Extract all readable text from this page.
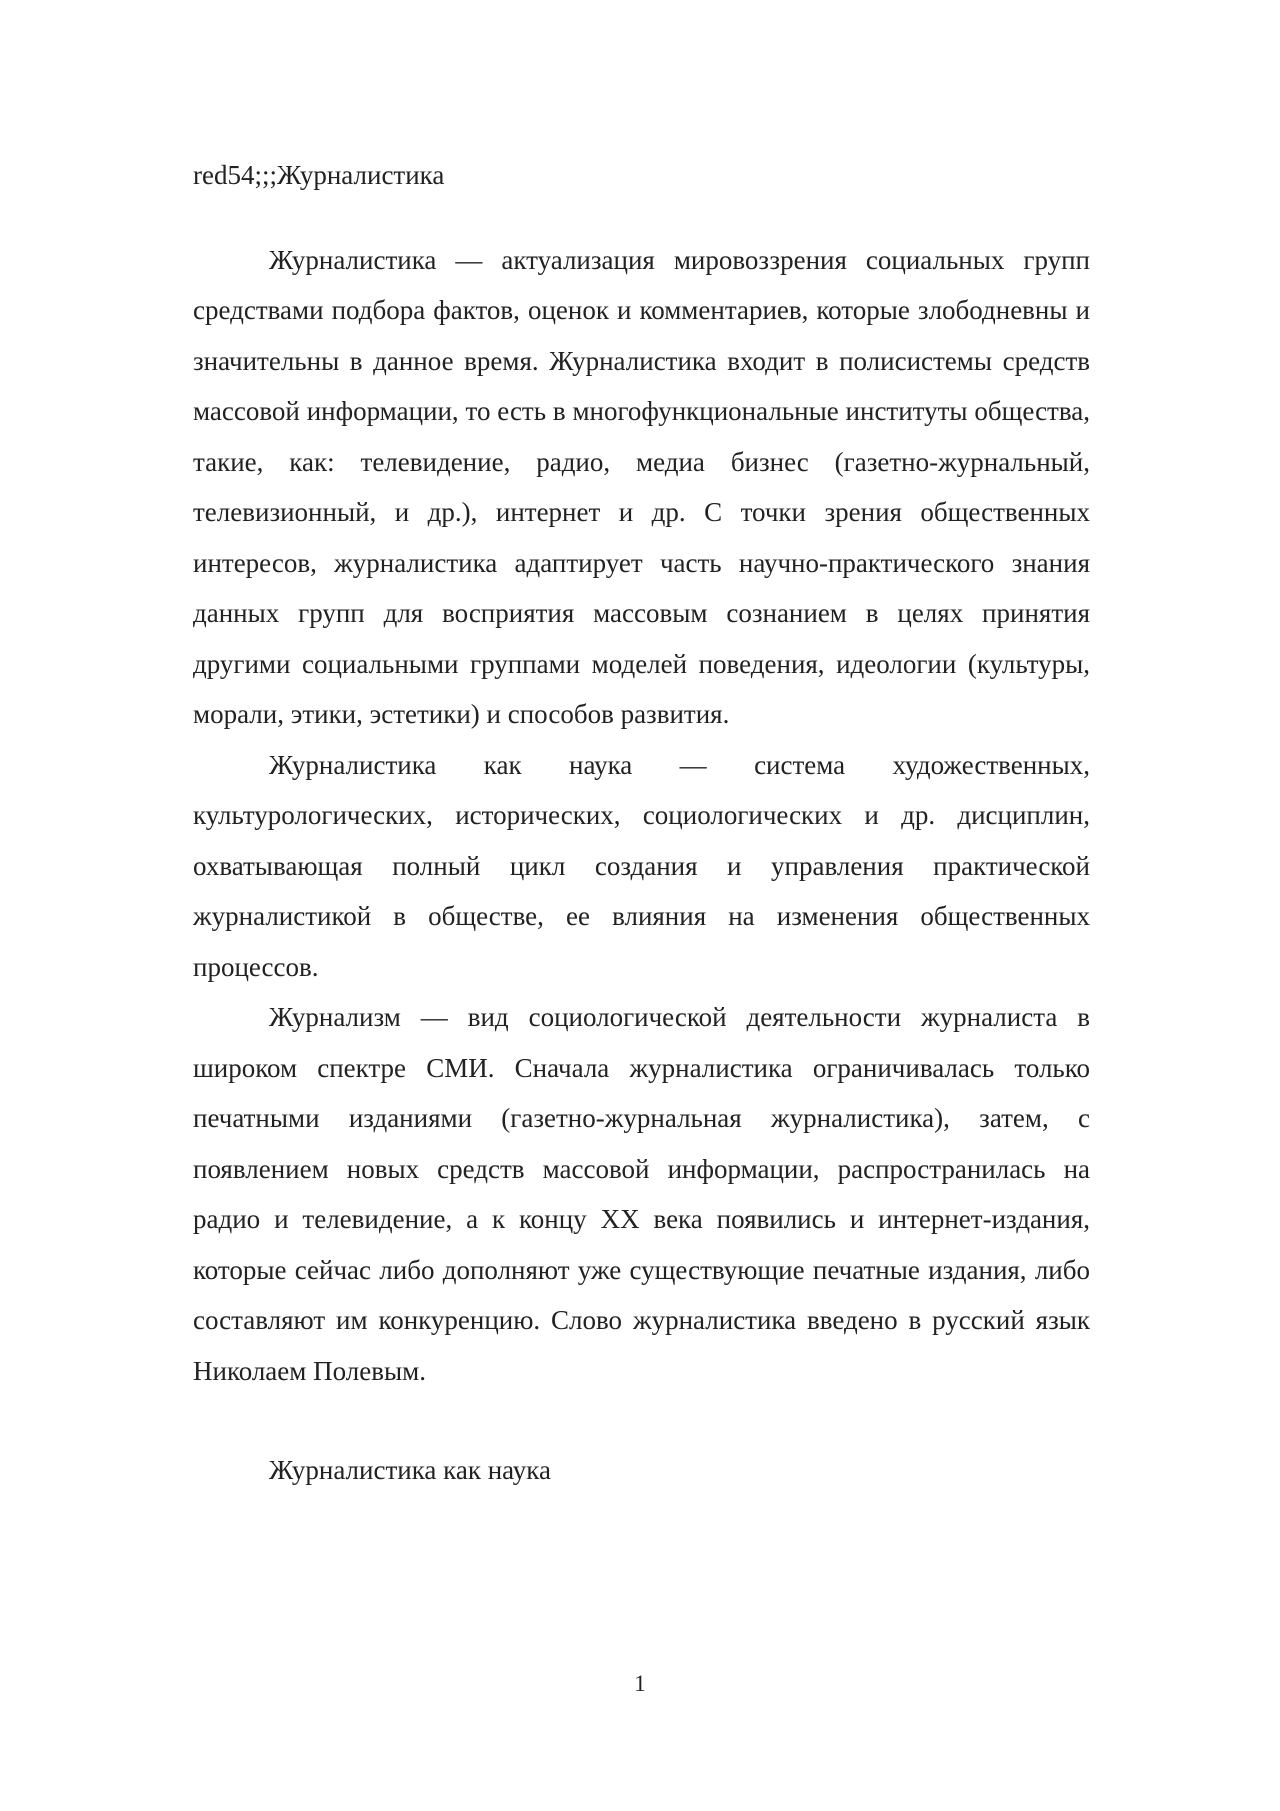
red54;;;Журналистика

Журналистика — актуализация мировоззрения социальных групп средствами подбора фактов, оценок и комментариев, которые злободневны и значительны в данное время. Журналистика входит в полисистемы средств массовой информации, то есть в многофункциональные институты общества, такие, как: телевидение, радио, медиа бизнес (газетно-журнальный, телевизионный, и др.), интернет и др. С точки зрения общественных интересов, журналистика адаптирует часть научно-практического знания данных групп для восприятия массовым сознанием в целях принятия другими социальными группами моделей поведения, идеологии (культуры, морали, этики, эстетики) и способов развития.

Журналистика как наука — система художественных, культурологических, исторических, социологических и др. дисциплин, охватывающая полный цикл создания и управления практической журналистикой в обществе, ее влияния на изменения общественных процессов.

Журнализм — вид социологической деятельности журналиста в широком спектре СМИ. Сначала журналистика ограничивалась только печатными изданиями (газетно-журнальная журналистика), затем, с появлением новых средств массовой информации, распространилась на радио и телевидение, а к концу XX века появились и интернет-издания, которые сейчас либо дополняют уже существующие печатные издания, либо составляют им конкуренцию. Слово журналистика введено в русский язык Николаем Полевым.

Журналистика как наука

1
